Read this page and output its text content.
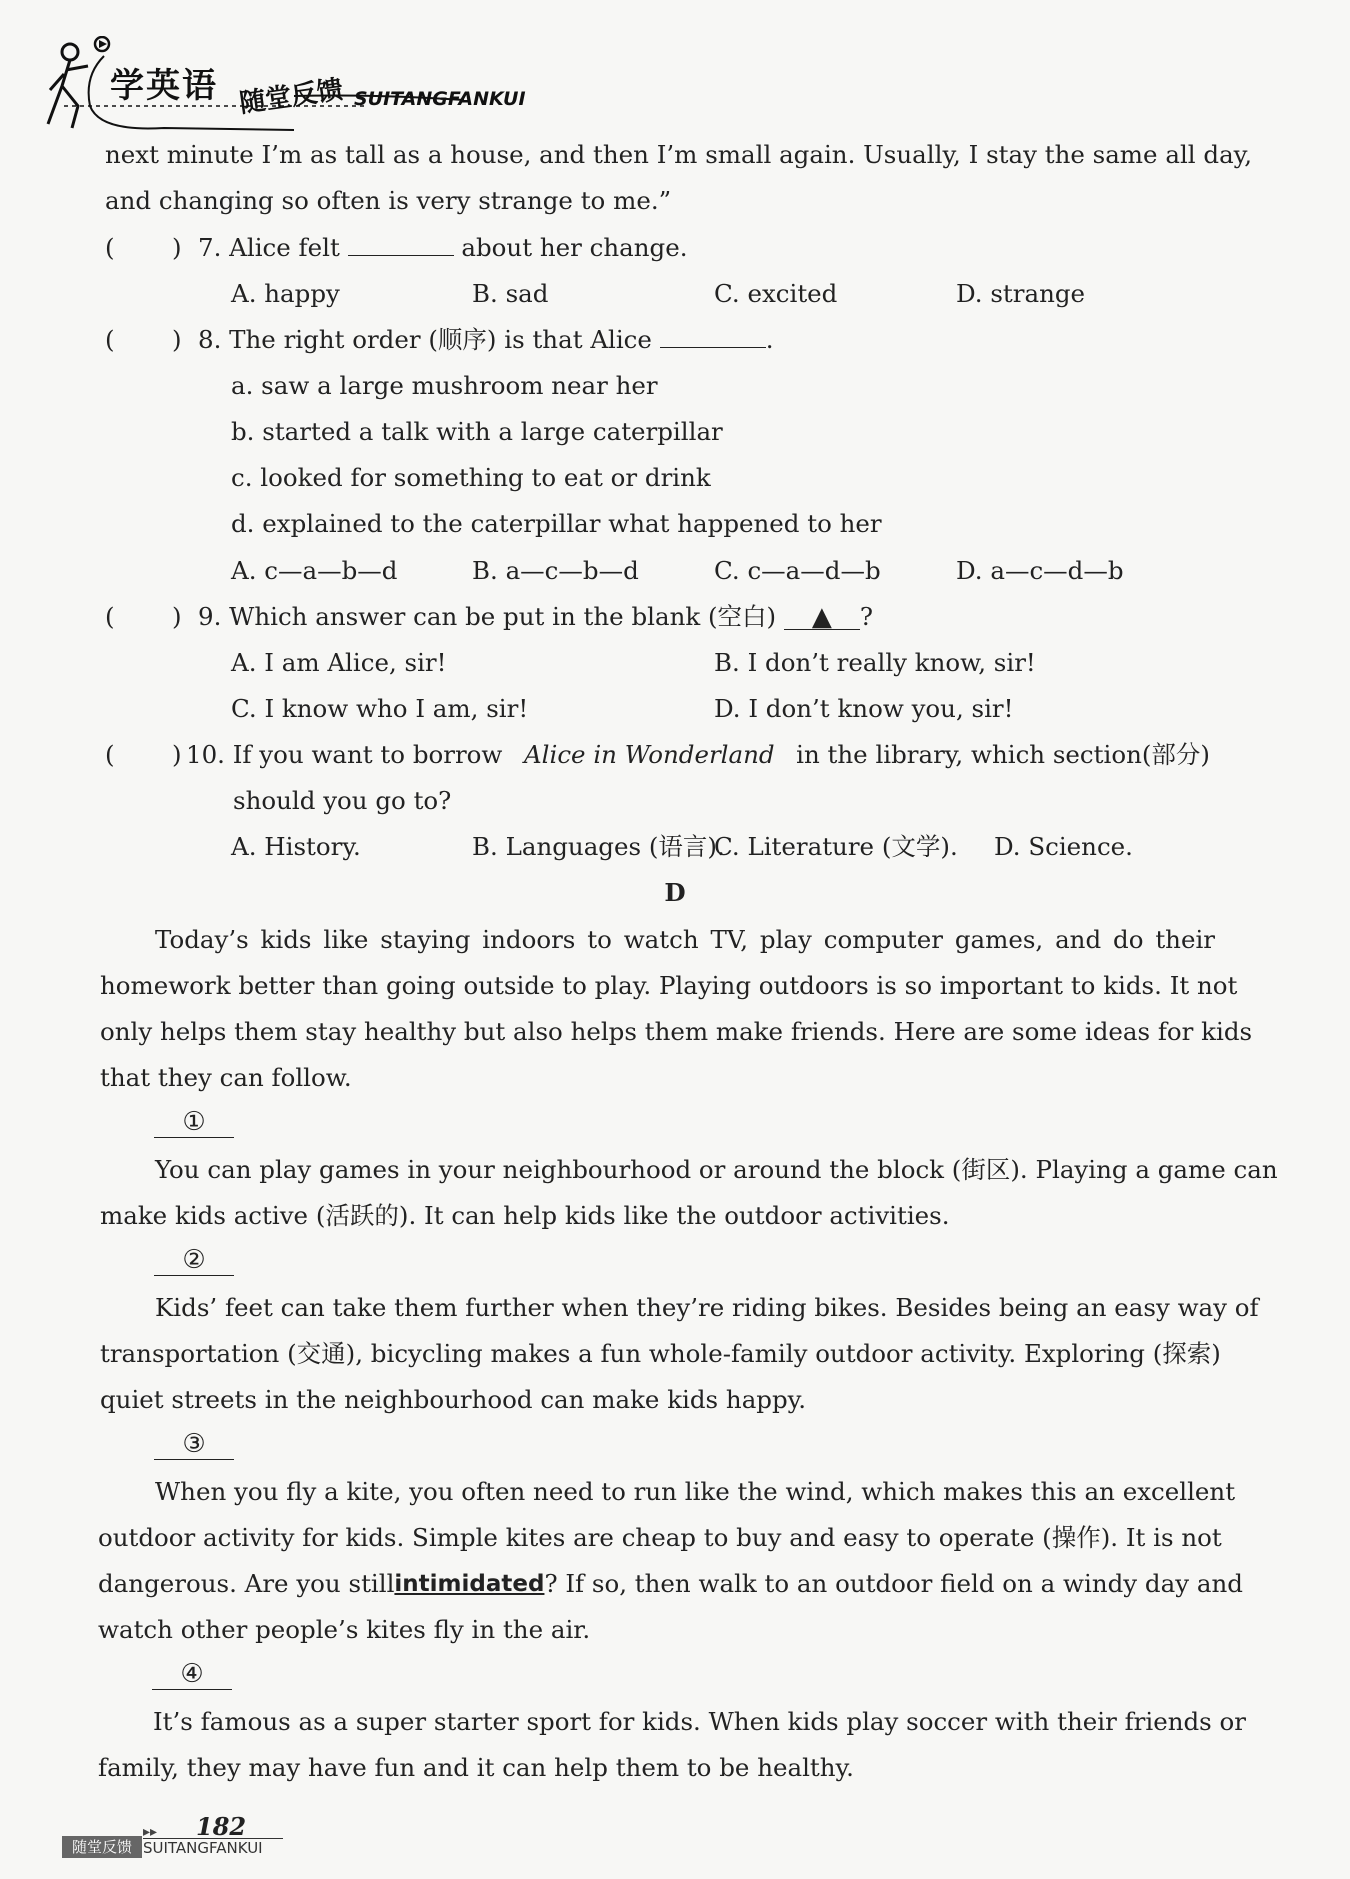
学英语 随堂反馈 SUITANGFANKUI
next minute I’m as tall as a house, and then I’m small again. Usually, I stay the same all day,
and changing so often is very strange to me.”
( ) 7. Alice felt	about her change.
A. happy	B. sad	C. excited	D. strange
( ) 8. The right order (顺序) is that Alice	.
a. saw a large mushroom near her
b. started a talk with a large caterpillar
c. looked for something to eat or drink
d. explained to the caterpillar what happened to her
A. c—a—b—d	B. a—c—b—d	C. c—a—d—b	D. a—c—d—b
( ) 9. Which answer can be put in the blank (空白) ▲ ?
A. I am Alice, sir!	B. I don’t really know, sir!
C. I know who I am, sir!	D. I don’t know you, sir!
( ) 10. If you want to borrow Alice in Wonderland in the library, which section(部分)
should you go to?
A. History.	B. Languages (语言).
C. Literature (文学). D. Science.
D
Today’s kids like staying indoors to watch TV, play computer games, and do their
homework better than going outside to play. Playing outdoors is so important to kids. It not
only helps them stay healthy but also helps them make friends. Here are some ideas for kids
that they can follow.
①
You can play games in your neighbourhood or around the block (街区). Playing a game can
make kids active (活跃的). It can help kids like the outdoor activities.
②
Kids’ feet can take them further when they’re riding bikes. Besides being an easy way of
transportation (交通), bicycling makes a fun whole-family outdoor activity. Exploring (探索)
quiet streets in the neighbourhood can make kids happy.
③
When you fly a kite, you often need to run like the wind, which makes this an excellent
outdoor activity for kids. Simple kites are cheap to buy and easy to operate (操作). It is not
dangerous. Are you still intimidated ? If so, then walk to an outdoor field on a windy day and
watch other people’s kites fly in the air.
④
It’s famous as a super starter sport for kids. When kids play soccer with their friends or
family, they may have fun and it can help them to be healthy.
▸▸ 182
随堂反馈 SUITANGFANKUI
